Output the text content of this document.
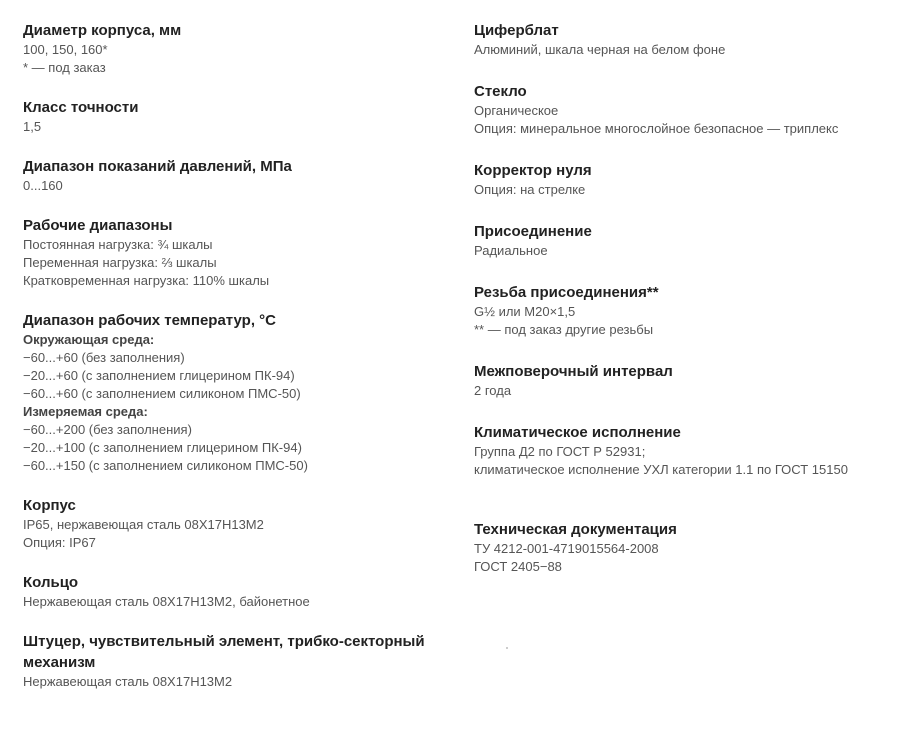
Диаметр корпуса, мм

100, 150, 160*

* — под заказ

Класс точности

1,5

Диапазон показаний давлений, МПа

0...160

Рабочие диапазоны

Постоянная нагрузка: ¾ шкалы

Переменная нагрузка: ⅔ шкалы

Кратковременная нагрузка: 110% шкалы

Диапазон рабочих температур, °С

Окружающая среда:

−60...+60 (без заполнения)

−20...+60 (с заполнением глицерином ПК-94)

−60...+60 (с заполнением силиконом ПМС-50)

Измеряемая среда:

−60...+200 (без заполнения)

−20...+100 (с заполнением глицерином ПК-94)

−60...+150 (с заполнением силиконом ПМС-50)

Корпус

IP65, нержавеющая сталь 08Х17Н13М2

Опция: IP67

Кольцо

Нержавеющая сталь 08Х17Н13М2, байонетное

Штуцер, чувствительный элемент, трибко-секторный

механизм

Нержавеющая сталь 08Х17Н13М2

Циферблат

Алюминий, шкала черная на белом фоне

Стекло

Органическое

Опция: минеральное многослойное безопасное — триплекс

Корректор нуля

Опция: на стрелке

Присоединение

Радиальное

Резьба присоединения**

G½ или M20×1,5

** — под заказ другие резьбы

Межповерочный интервал

2 года

Климатическое исполнение

Группа Д2 по ГОСТ Р 52931;

климатическое исполнение УХЛ категории 1.1 по ГОСТ 15150

Техническая документация

ТУ 4212-001-4719015564-2008

ГОСТ 2405−88
